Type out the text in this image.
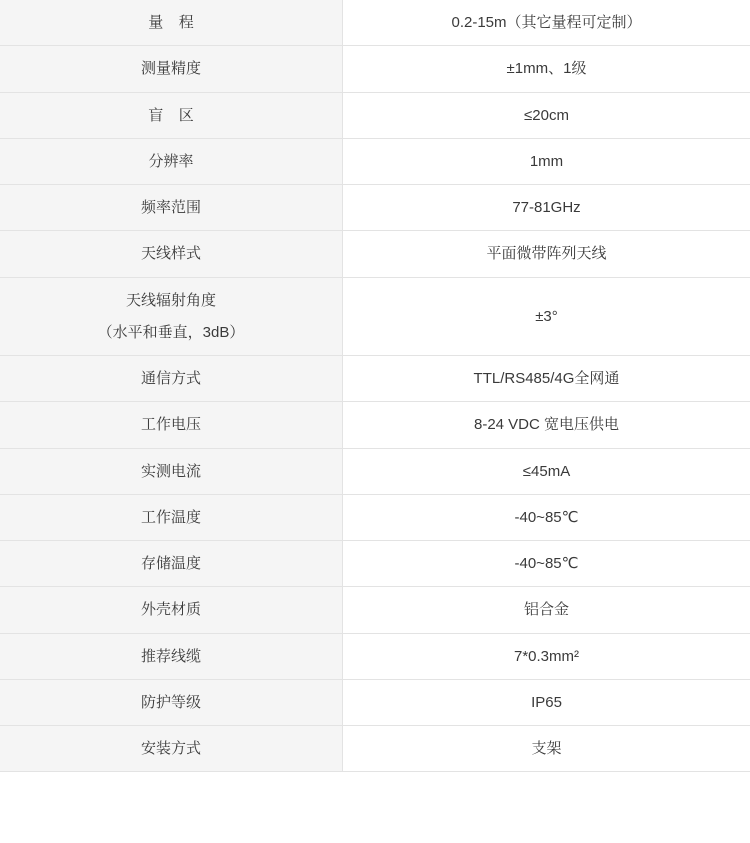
量 程	0.2-15m（其它量程可定制）

测量精度	±1mm、1级

盲 区	≤20cm

分辨率	1mm

频率范围	77-81GHz

天线样式	平面微带阵列天线

天线辐射角度
（水平和垂直，3dB）	±3°

通信方式	TTL/RS485/4G全网通

工作电压	8-24 VDC 宽电压供电

实测电流	≤45mA

工作温度	-40~85℃

存储温度	-40~85℃

外壳材质	铝合金

推荐线缆	7*0.3mm²

防护等级	IP65

安装方式	支架
